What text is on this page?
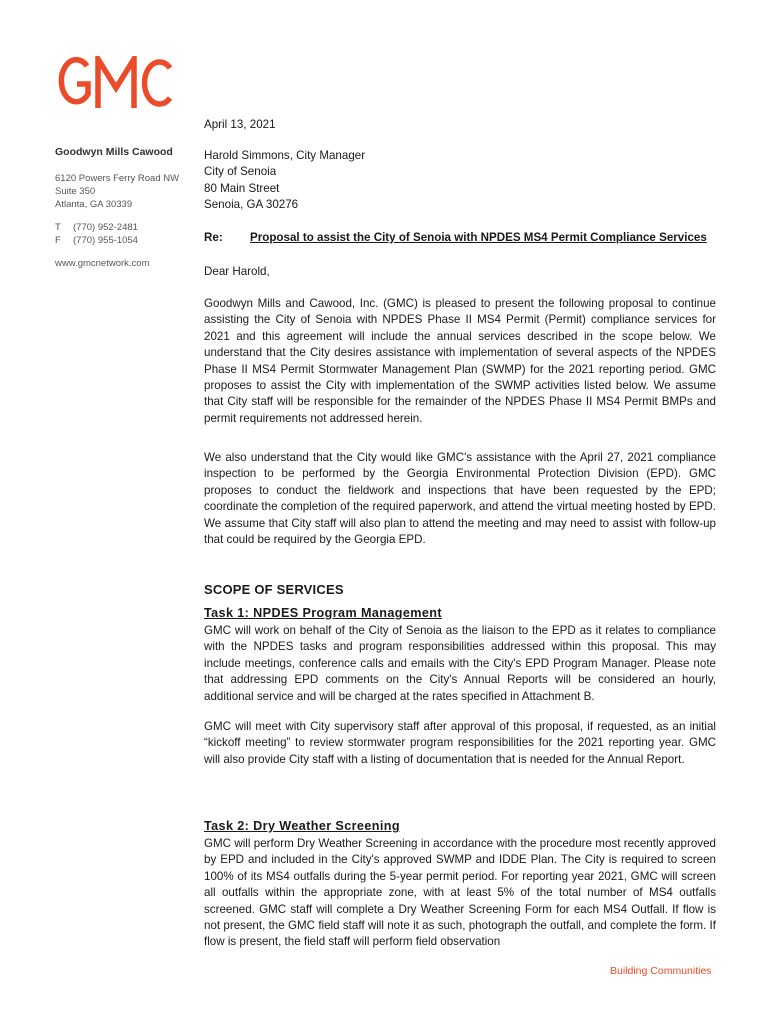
Goodwyn Mills Cawood
6120 Powers Ferry Road NW
Suite 350
Atlanta, GA 30339
T	(770) 952-2481
F	(770) 955-1054
www.gmcnetwork.com
April 13, 2021
Harold Simmons, City Manager
City of Senoia
80 Main Street
Senoia, GA 30276
Re:	Proposal to assist the City of Senoia with NPDES MS4 Permit Compliance Services
Dear Harold,

Goodwyn Mills and Cawood, Inc. (GMC) is pleased to present the following proposal to continue assisting the City of Senoia with NPDES Phase II MS4 Permit (Permit) compliance services for 2021 and this agreement will include the annual services described in the scope below. We understand that the City desires assistance with implementation of several aspects of the NPDES Phase II MS4 Permit Stormwater Management Plan (SWMP) for the 2021 reporting period. GMC proposes to assist the City with implementation of the SWMP activities listed below. We assume that City staff will be responsible for the remainder of the NPDES Phase II MS4 Permit BMPs and permit requirements not addressed herein.

We also understand that the City would like GMC's assistance with the April 27, 2021 compliance inspection to be performed by the Georgia Environmental Protection Division (EPD). GMC proposes to conduct the fieldwork and inspections that have been requested by the EPD; coordinate the completion of the required paperwork, and attend the virtual meeting hosted by EPD. We assume that City staff will also plan to attend the meeting and may need to assist with follow-up that could be required by the Georgia EPD.

SCOPE OF SERVICES
Task 1: NPDES Program Management

GMC will work on behalf of the City of Senoia as the liaison to the EPD as it relates to compliance with the NPDES tasks and program responsibilities addressed within this proposal. This may include meetings, conference calls and emails with the City's EPD Program Manager. Please note that addressing EPD comments on the City's Annual Reports will be considered an hourly, additional service and will be charged at the rates specified in Attachment B.

GMC will meet with City supervisory staff after approval of this proposal, if requested, as an initial “kickoff meeting” to review stormwater program responsibilities for the 2021 reporting year. GMC will also provide City staff with a listing of documentation that is needed for the Annual Report.

Task 2: Dry Weather Screening

GMC will perform Dry Weather Screening in accordance with the procedure most recently approved by EPD and included in the City's approved SWMP and IDDE Plan. The City is required to screen 100% of its MS4 outfalls during the 5-year permit period. For reporting year 2021, GMC will screen all outfalls within the appropriate zone, with at least 5% of the total number of MS4 outfalls screened. GMC staff will complete a Dry Weather Screening Form for each MS4 Outfall. If flow is not present, the GMC field staff will note it as such, photograph the outfall, and complete the form. If flow is present, the field staff will perform field observation

Building Communities
